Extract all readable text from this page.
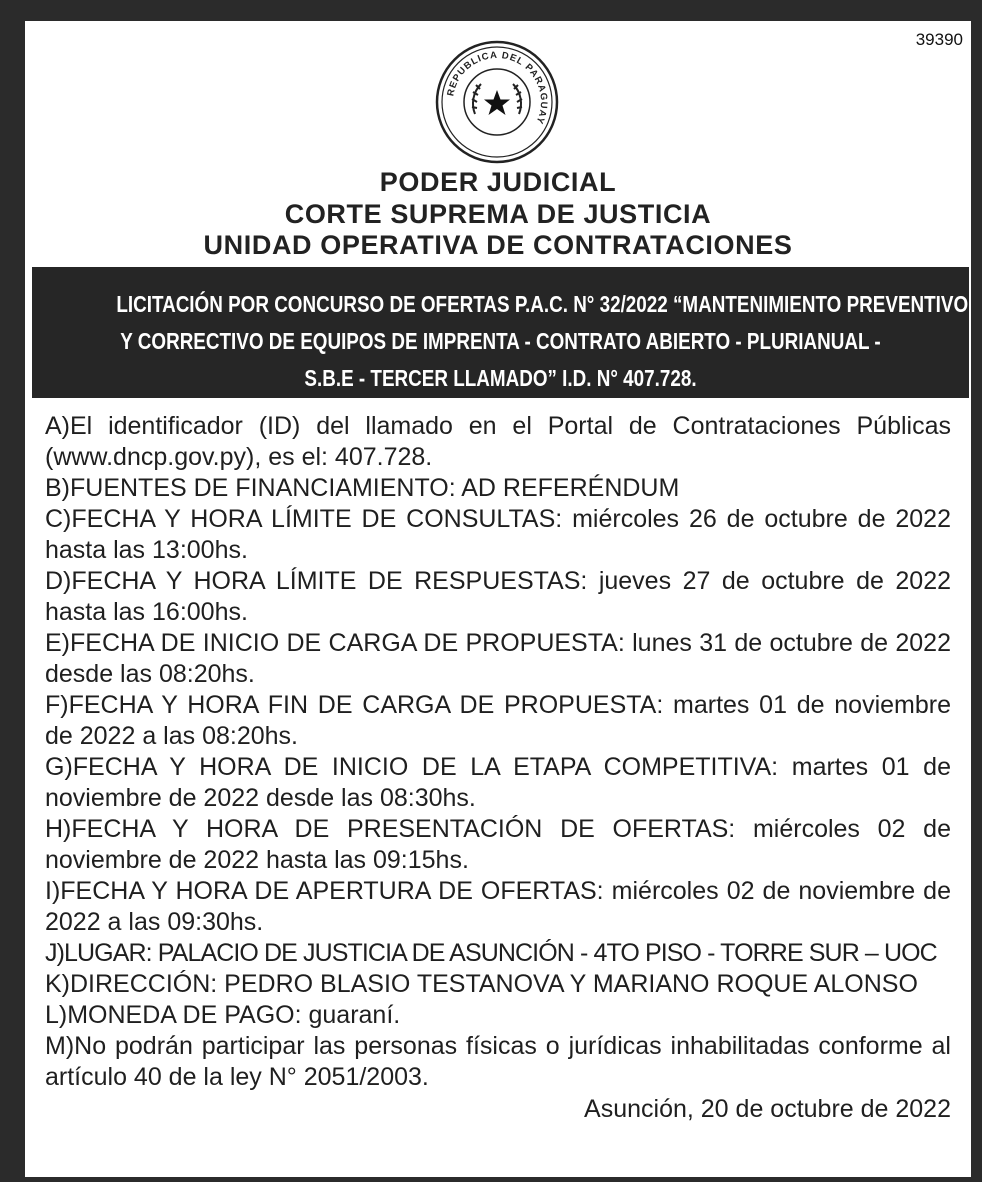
39390
REPUBLICA DEL PARAGUAY
PODER JUDICIAL
CORTE SUPREMA DE JUSTICIA
UNIDAD OPERATIVA DE CONTRATACIONES
LICITACIÓN POR CONCURSO DE OFERTAS P.A.C. N° 32/2022 “MANTENIMIENTO PREVENTIVO
Y CORRECTIVO DE EQUIPOS DE IMPRENTA - CONTRATO ABIERTO - PLURIANUAL -
S.B.E - TERCER LLAMADO” I.D. N° 407.728.
A)El identificador (ID) del llamado en el Portal de Contrataciones Públicas (www.dncp.gov.py), es el: 407.728.
B)FUENTES DE FINANCIAMIENTO: AD REFERÉNDUM
C)FECHA Y HORA LÍMITE DE CONSULTAS: miércoles 26 de octubre de 2022 hasta las 13:00hs.
D)FECHA Y HORA LÍMITE DE RESPUESTAS: jueves 27 de octubre de 2022 hasta las 16:00hs.
E)FECHA DE INICIO DE CARGA DE PROPUESTA: lunes 31 de octubre de 2022 desde las 08:20hs.
F)FECHA Y HORA FIN DE CARGA DE PROPUESTA: martes 01 de noviembre de 2022 a las 08:20hs.
G)FECHA Y HORA DE INICIO DE LA ETAPA COMPETITIVA: martes 01 de noviembre de 2022 desde las 08:30hs.
H)FECHA Y HORA DE PRESENTACIÓN DE OFERTAS: miércoles 02 de noviembre de 2022 hasta las 09:15hs.
I)FECHA Y HORA DE APERTURA DE OFERTAS: miércoles 02 de noviembre de 2022 a las 09:30hs.
J)LUGAR: PALACIO DE JUSTICIA DE ASUNCIÓN - 4TO PISO - TORRE SUR – UOC
K)DIRECCIÓN: PEDRO BLASIO TESTANOVA Y MARIANO ROQUE ALONSO
L)MONEDA DE PAGO: guaraní.
M)No podrán participar las personas físicas o jurídicas inhabilitadas conforme al artículo 40 de la ley N° 2051/2003.
Asunción, 20 de octubre de 2022
